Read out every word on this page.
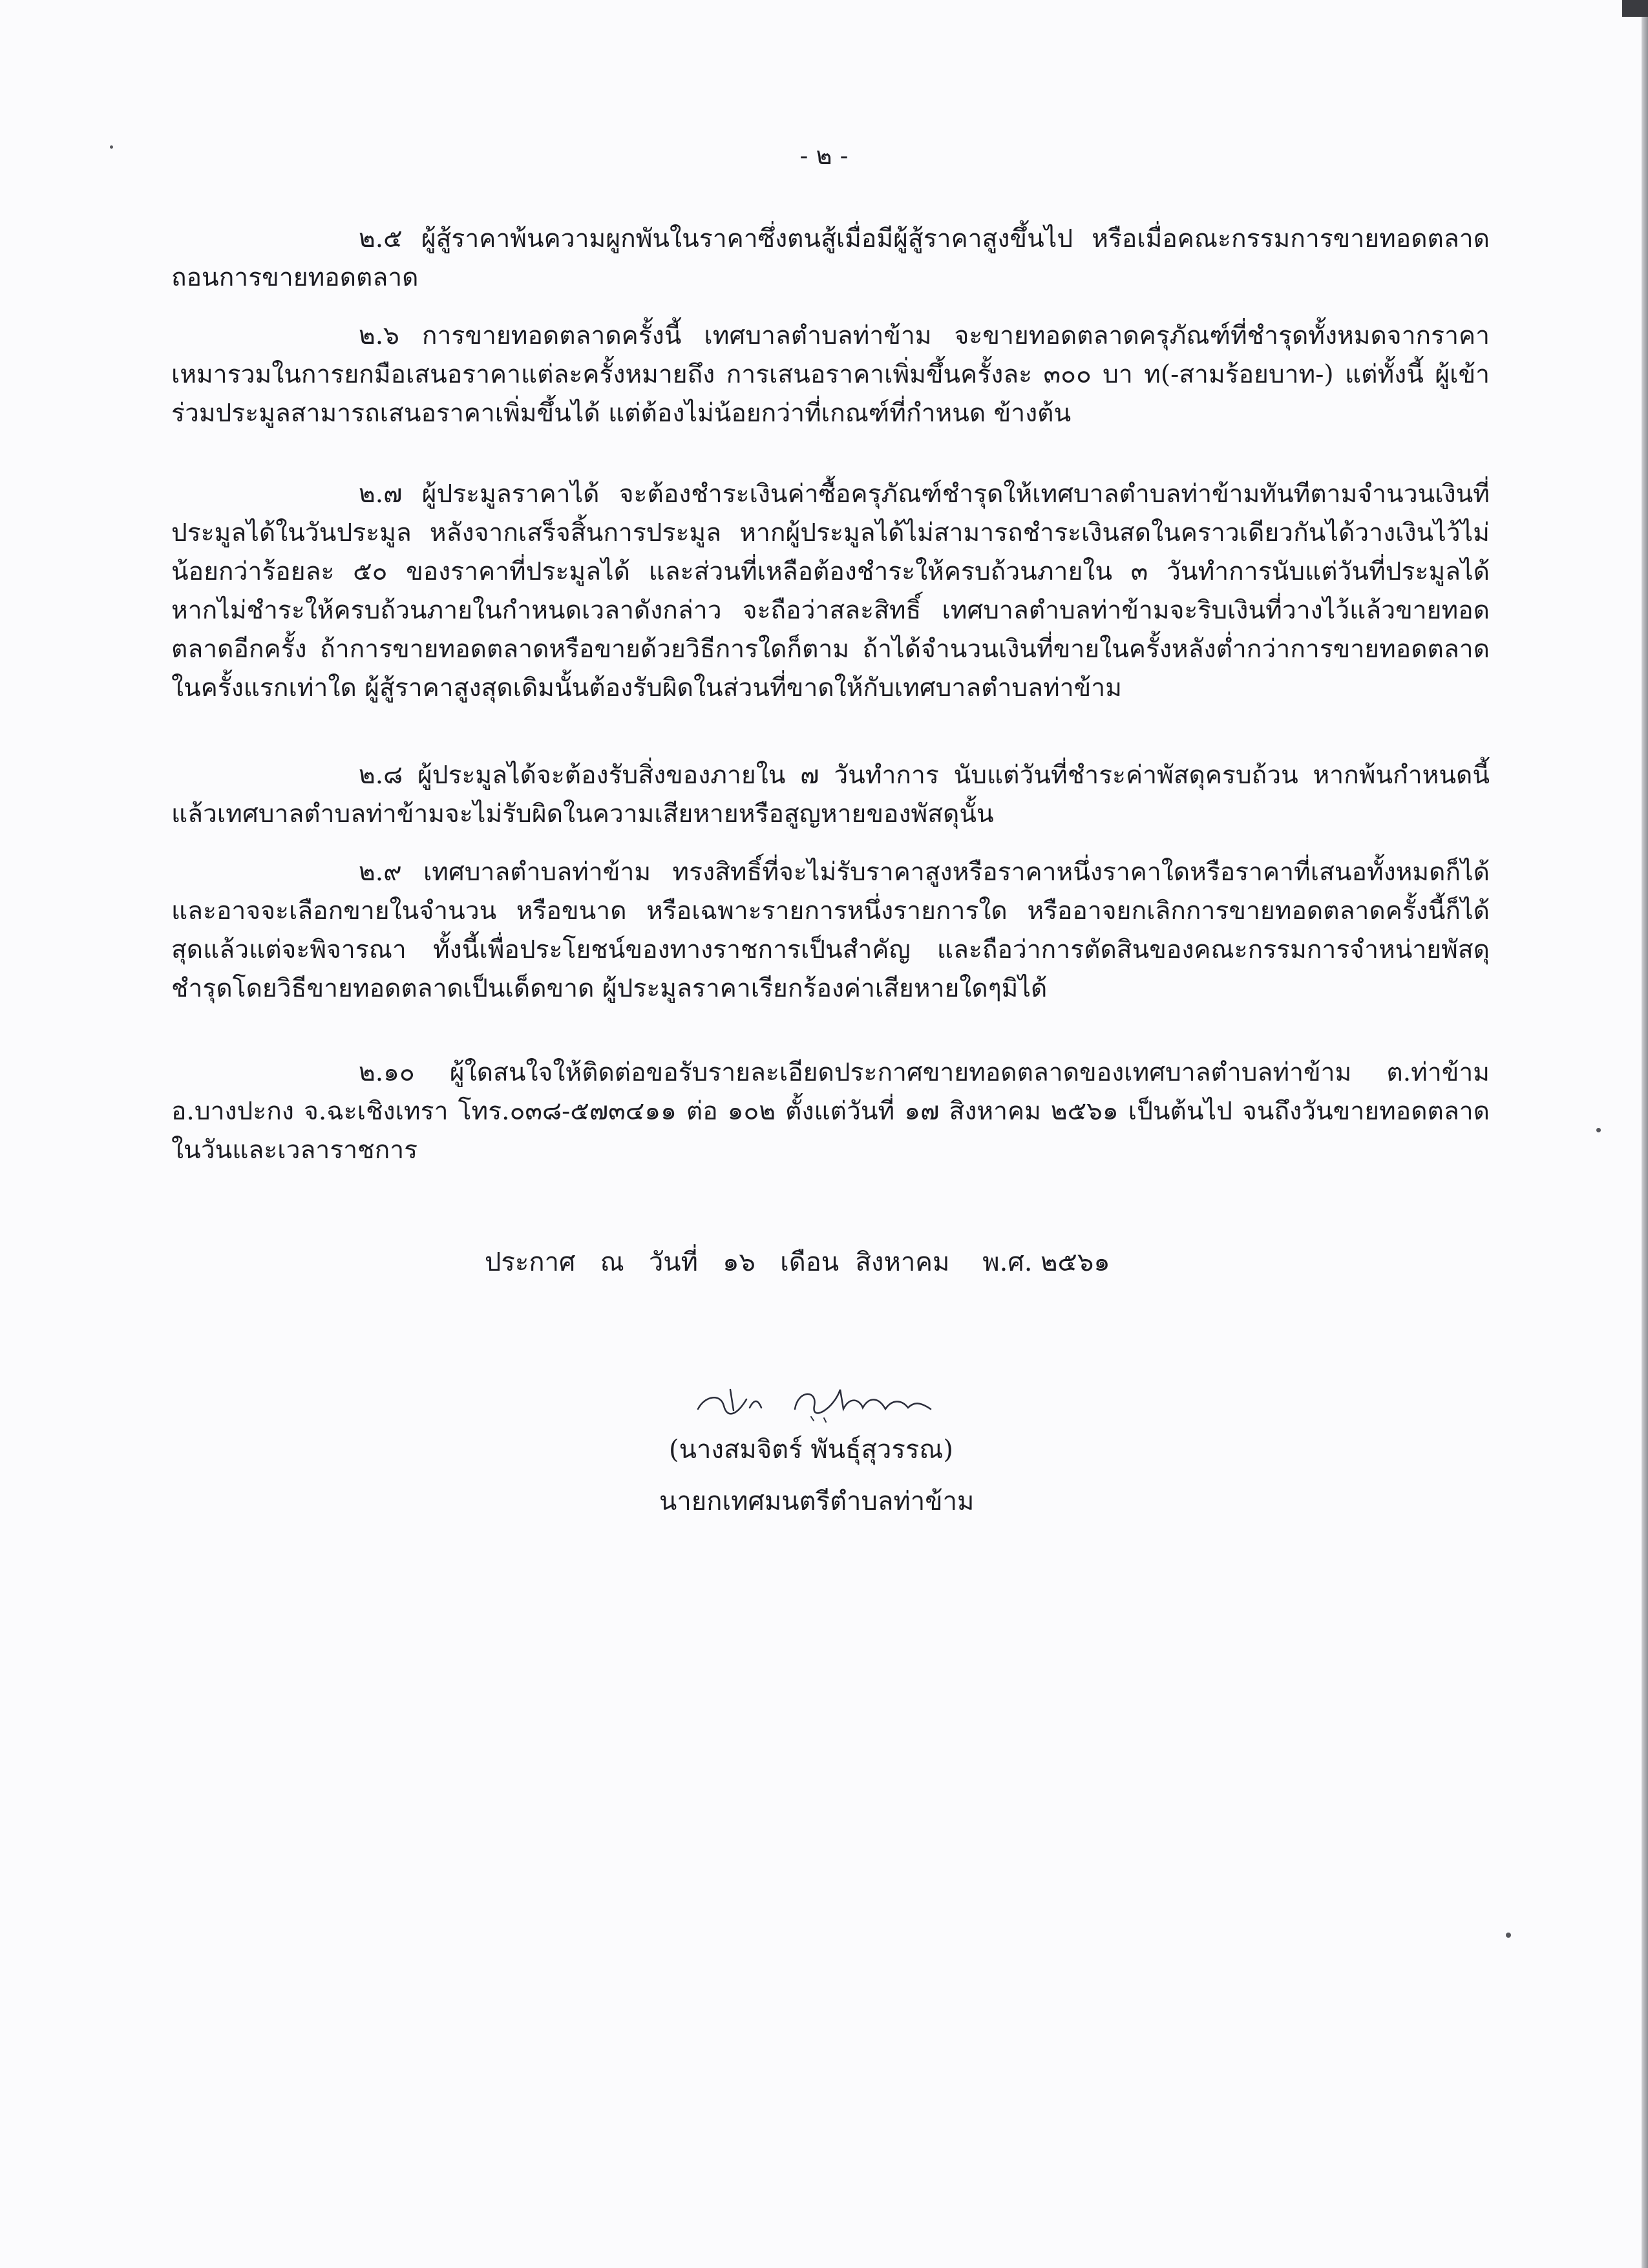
- ๒ -

๒.๕ ผู้สู้ราคาพ้นความผูกพันในราคาซึ่งตนสู้เมื่อมีผู้สู้ราคาสูงขึ้นไป หรือเมื่อคณะกรรมการขายทอดตลาดถอนการขายทอดตลาด

๒.๖ การขายทอดตลาดครั้งนี้ เทศบาลตำบลท่าข้าม จะขายทอดตลาดครุภัณฑ์ที่ชำรุดทั้งหมดจากราคาเหมารวมในการยกมือเสนอราคาแต่ละครั้งหมายถึง การเสนอราคาเพิ่มขึ้นครั้งละ ๓๐๐ บา ท(-สามร้อยบาท-) แต่ทั้งนี้ ผู้เข้าร่วมประมูลสามารถเสนอราคาเพิ่มขึ้นได้ แต่ต้องไม่น้อยกว่าที่เกณฑ์ที่กำหนด ข้างต้น

๒.๗ ผู้ประมูลราคาได้ จะต้องชำระเงินค่าซื้อครุภัณฑ์ชำรุดให้เทศบาลตำบลท่าข้ามทันทีตามจำนวนเงินที่ประมูลได้ในวันประมูล หลังจากเสร็จสิ้นการประมูล หากผู้ประมูลได้ไม่สามารถชำระเงินสดในคราวเดียวกันได้วางเงินไว้ไม่น้อยกว่าร้อยละ ๕๐ ของราคาที่ประมูลได้ และส่วนที่เหลือต้องชำระให้ครบถ้วนภายใน ๓ วันทำการนับแต่วันที่ประมูลได้ หากไม่ชำระให้ครบถ้วนภายในกำหนดเวลาดังกล่าว จะถือว่าสละสิทธิ์ เทศบาลตำบลท่าข้ามจะริบเงินที่วางไว้แล้วขายทอดตลาดอีกครั้ง ถ้าการขายทอดตลาดหรือขายด้วยวิธีการใดก็ตาม ถ้าได้จำนวนเงินที่ขายในครั้งหลังต่ำกว่าการขายทอดตลาดในครั้งแรกเท่าใด ผู้สู้ราคาสูงสุดเดิมนั้นต้องรับผิดในส่วนที่ขาดให้กับเทศบาลตำบลท่าข้าม

๒.๘ ผู้ประมูลได้จะต้องรับสิ่งของภายใน ๗ วันทำการ นับแต่วันที่ชำระค่าพัสดุครบถ้วน หากพ้นกำหนดนี้แล้วเทศบาลตำบลท่าข้ามจะไม่รับผิดในความเสียหายหรือสูญหายของพัสดุนั้น

๒.๙ เทศบาลตำบลท่าข้าม ทรงสิทธิ์ที่จะไม่รับราคาสูงหรือราคาหนึ่งราคาใดหรือราคาที่เสนอทั้งหมดก็ได้ และอาจจะเลือกขายในจำนวน หรือขนาด หรือเฉพาะรายการหนึ่งรายการใด หรืออาจยกเลิกการขายทอดตลาดครั้งนี้ก็ได้ สุดแล้วแต่จะพิจารณา ทั้งนี้เพื่อประโยชน์ของทางราชการเป็นสำคัญ และถือว่าการตัดสินของคณะกรรมการจำหน่ายพัสดุชำรุดโดยวิธีขายทอดตลาดเป็นเด็ดขาด ผู้ประมูลราคาเรียกร้องค่าเสียหายใดๆมิได้

๒.๑๐ ผู้ใดสนใจให้ติดต่อขอรับรายละเอียดประกาศขายทอดตลาดของเทศบาลตำบลท่าข้าม ต.ท่าข้าม อ.บางปะกง จ.ฉะเชิงเทรา โทร.๐๓๘-๕๗๓๔๑๑ ต่อ ๑๐๒ ตั้งแต่วันที่ ๑๗ สิงหาคม ๒๕๖๑ เป็นต้นไป จนถึงวันขายทอดตลาดในวันและเวลาราชการ

ประกาศ   ณ   วันที่   ๑๖   เดือน  สิงหาคม    พ.ศ. ๒๕๖๑
(นางสมจิตร์ พันธุ์สุวรรณ)
นายกเทศมนตรีตำบลท่าข้าม
